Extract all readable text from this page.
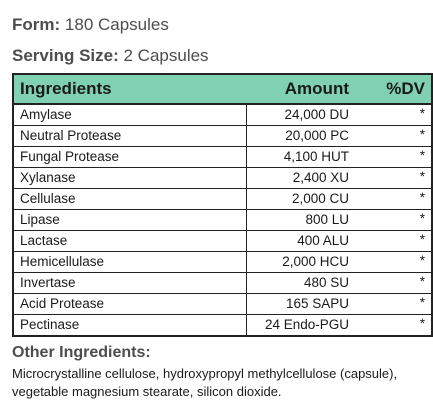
Form: 180 Capsules
Serving Size: 2 Capsules
Ingredients	Amount	%DV
Amylase	24,000 DU	*
Neutral Protease	20,000 PC	*
Fungal Protease	4,100 HUT	*
Xylanase	2,400 XU	*
Cellulase	2,000 CU	*
Lipase	800 LU	*
Lactase	400 ALU	*
Hemicellulase	2,000 HCU	*
Invertase	480 SU	*
Acid Protease	165 SAPU	*
Pectinase	24 Endo-PGU	*
Other Ingredients:
Microcrystalline cellulose, hydroxypropyl methylcellulose (capsule), vegetable magnesium stearate, silicon dioxide.
